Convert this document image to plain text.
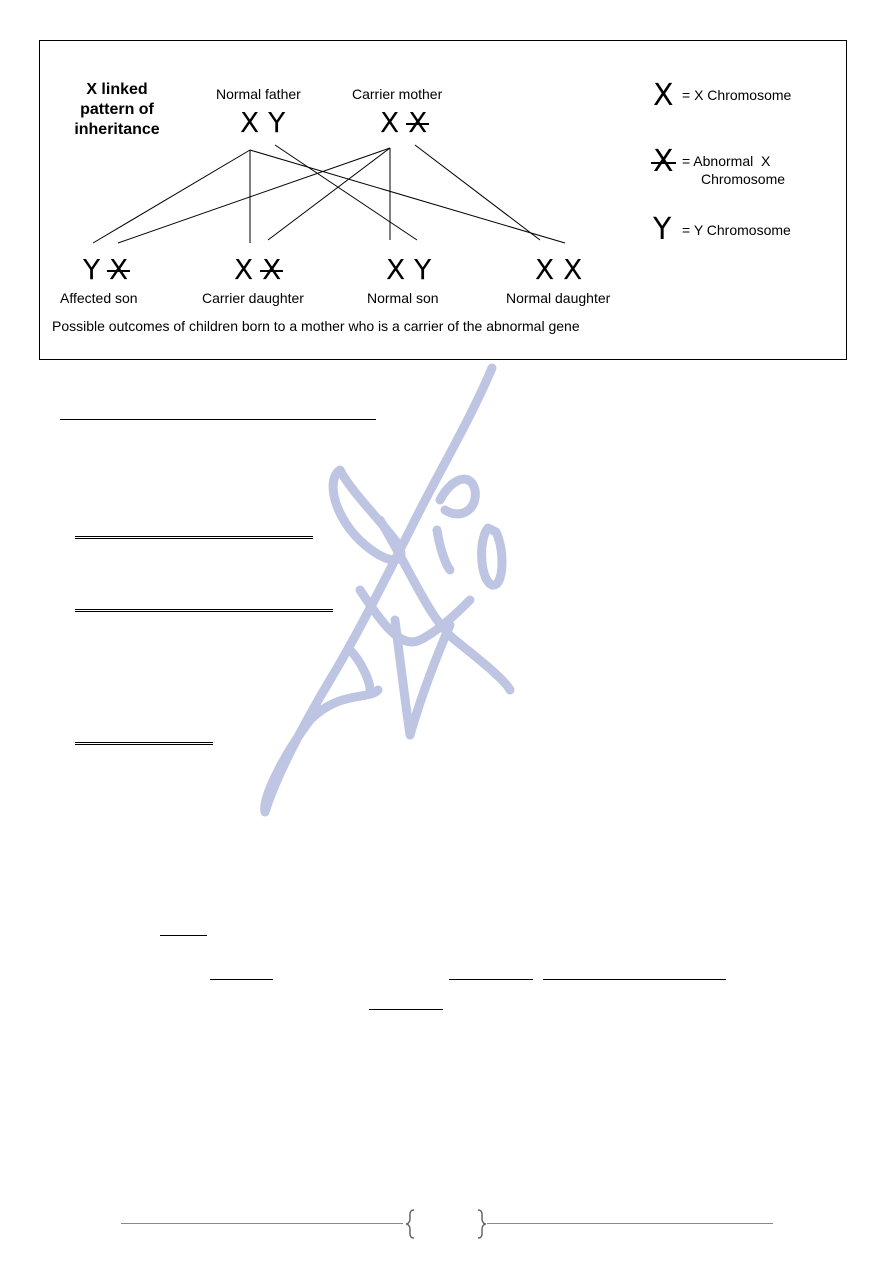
X linked pattern of inheritance
Normal father	Carrier mother
X Y	X X
Y X	X X	X Y	X X
Affected son	Carrier daughter	Normal son	Normal daughter
Possible outcomes of children born to a mother who is a carrier of the abnormal gene
X = X Chromosome
X = Abnormal  X
Chromosome
Y = Y Chromosome
